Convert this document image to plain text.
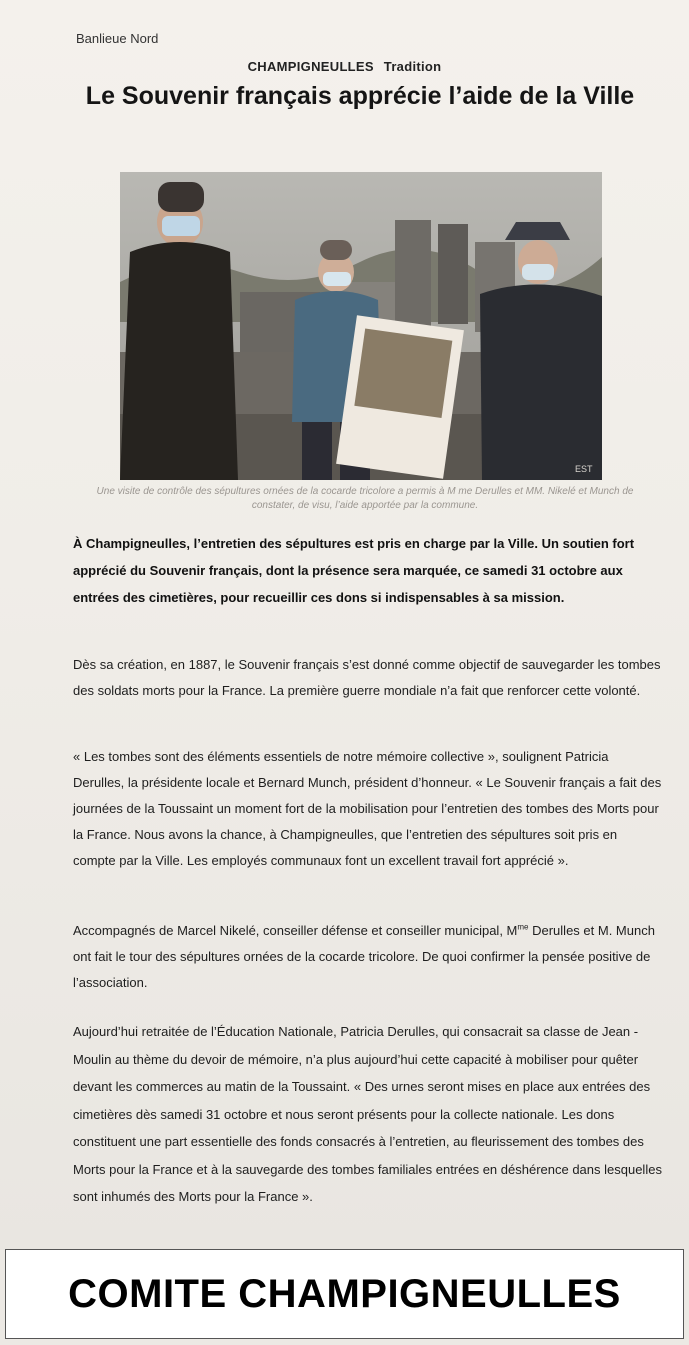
Banlieue Nord
CHAMPIGNEULLES Tradition
Le Souvenir français apprécie l’aide de la Ville
EST
Une visite de contrôle des sépultures ornées de la cocarde tricolore a permis à M me Derulles et MM. Nikelé et Munch de constater, de visu, l’aide apportée par la commune.
À Champigneulles, l’entretien des sépultures est pris en charge par la Ville. Un soutien fort apprécié du Souvenir français, dont la présence sera marquée, ce samedi 31 octobre aux entrées des cimetières, pour recueillir ces dons si indispensables à sa mission.
Dès sa création, en 1887, le Souvenir français s’est donné comme objectif de sauvegarder les tombes des soldats morts pour la France. La première guerre mondiale n’a fait que renforcer cette volonté.
« Les tombes sont des éléments essentiels de notre mémoire collective », soulignent Patricia Derulles, la présidente locale et Bernard Munch, président d’honneur. « Le Souvenir français a fait des journées de la Toussaint un moment fort de la mobilisation pour l’entretien des tombes des Morts pour la France. Nous avons la chance, à Champigneulles, que l’entretien des sépultures soit pris en compte par la Ville. Les employés communaux font un excellent travail fort apprécié ».
Accompagnés de Marcel Nikelé, conseiller défense et conseiller municipal, $M^{me}$ Derulles et M. Munch ont fait le tour des sépultures ornées de la cocarde tricolore. De quoi confirmer la pensée positive de l’association.
Aujourd’hui retraitée de l’Éducation Nationale, Patricia Derulles, qui consacrait sa classe de Jean -Moulin au thème du devoir de mémoire, n’a plus aujourd’hui cette capacité à mobiliser pour quêter devant les commerces au matin de la Toussaint. « Des urnes seront mises en place aux entrées des cimetières dès samedi 31 octobre et nous seront présents pour la collecte nationale. Les dons constituent une part essentielle des fonds consacrés à l’entretien, au fleurissement des tombes des Morts pour la France et à la sauvegarde des tombes familiales entrées en déshérence dans lesquelles sont inhumés des Morts pour la France ».
COMITE CHAMPIGNEULLES
